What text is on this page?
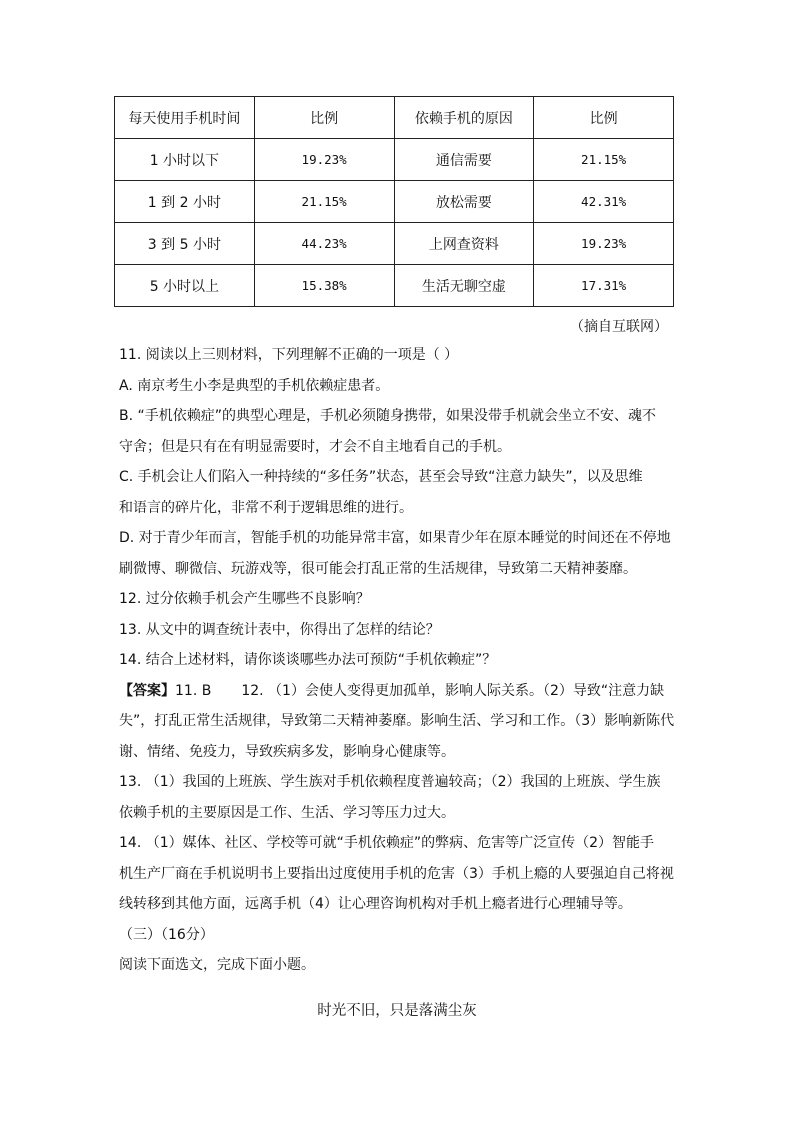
每天使用手机时间	比例	依赖手机的原因	比例
1 小时以下	19.23%	通信需要	21.15%
1 到 2 小时	21.15%	放松需要	42.31%
3 到 5 小时	44.23%	上网查资料	19.23%
5 小时以上	15.38%	生活无聊空虚	17.31%
（摘自互联网）
11. 阅读以上三则材料，下列理解不正确的一项是（ ）
A. 南京考生小李是典型的手机依赖症患者。
B. “手机依赖症”的典型心理是，手机必须随身携带，如果没带手机就会坐立不安、魂不
守舍；但是只有在有明显需要时，才会不自主地看自己的手机。
C. 手机会让人们陷入一种持续的“多任务”状态，甚至会导致“注意力缺失”，以及思维
和语言的碎片化，非常不利于逻辑思维的进行。
D. 对于青少年而言，智能手机的功能异常丰富，如果青少年在原本睡觉的时间还在不停地
刷微博、聊微信、玩游戏等，很可能会打乱正常的生活规律，导致第二天精神萎靡。
12. 过分依赖手机会产生哪些不良影响？
13. 从文中的调查统计表中，你得出了怎样的结论？
14. 结合上述材料，请你谈谈哪些办法可预防“手机依赖症”？
【答案】11. B 12. （1）会使人变得更加孤单，影响人际关系。（2）导致“注意力缺
失”，打乱正常生活规律，导致第二天精神萎靡。影响生活、学习和工作。（3）影响新陈代
谢、情绪、免疫力，导致疾病多发，影响身心健康等。
13. （1）我国的上班族、学生族对手机依赖程度普遍较高；（2）我国的上班族、学生族
依赖手机的主要原因是工作、生活、学习等压力过大。
14. （1）媒体、社区、学校等可就“手机依赖症”的弊病、危害等广泛宣传（2）智能手
机生产厂商在手机说明书上要指出过度使用手机的危害（3）手机上瘾的人要强迫自己将视
线转移到其他方面，远离手机（4）让心理咨询机构对手机上瘾者进行心理辅导等。
（三）（16分）
阅读下面选文，完成下面小题。
时光不旧，只是落满尘灰
